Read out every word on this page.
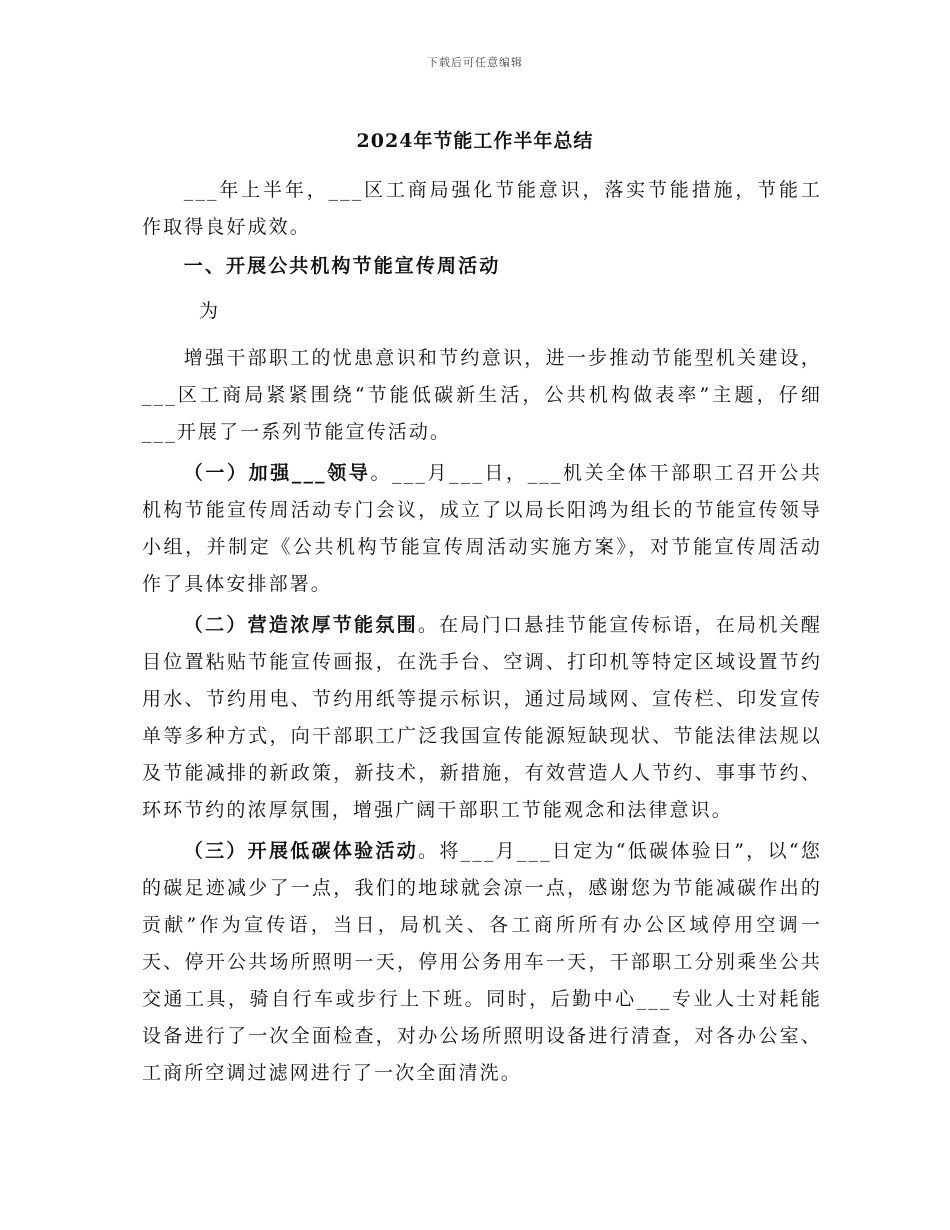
下载后可任意编辑
2024年节能工作半年总结

___年上半年，___区工商局强化节能意识，落实节能措施，节能工作取得良好成效。

一、开展公共机构节能宣传周活动

为

增强干部职工的忧患意识和节约意识，进一步推动节能型机关建设，___区工商局紧紧围绕“节能低碳新生活，公共机构做表率”主题，仔细___开展了一系列节能宣传活动。

（一）加强___领导。___月___日，___机关全体干部职工召开公共机构节能宣传周活动专门会议，成立了以局长阳鸿为组长的节能宣传领导小组，并制定《公共机构节能宣传周活动实施方案》，对节能宣传周活动作了具体安排部署。

（二）营造浓厚节能氛围。在局门口悬挂节能宣传标语，在局机关醒目位置粘贴节能宣传画报，在洗手台、空调、打印机等特定区域设置节约用水、节约用电、节约用纸等提示标识，通过局域网、宣传栏、印发宣传单等多种方式，向干部职工广泛我国宣传能源短缺现状、节能法律法规以及节能减排的新政策，新技术，新措施，有效营造人人节约、事事节约、环环节约的浓厚氛围，增强广阔干部职工节能观念和法律意识。

（三）开展低碳体验活动。将___月___日定为“低碳体验日”，以“您的碳足迹减少了一点，我们的地球就会凉一点，感谢您为节能减碳作出的贡献”作为宣传语，当日，局机关、各工商所所有办公区域停用空调一天、停开公共场所照明一天，停用公务用车一天，干部职工分别乘坐公共交通工具，骑自行车或步行上下班。同时，后勤中心___专业人士对耗能设备进行了一次全面检查，对办公场所照明设备进行清查，对各办公室、工商所空调过滤网进行了一次全面清洗。
